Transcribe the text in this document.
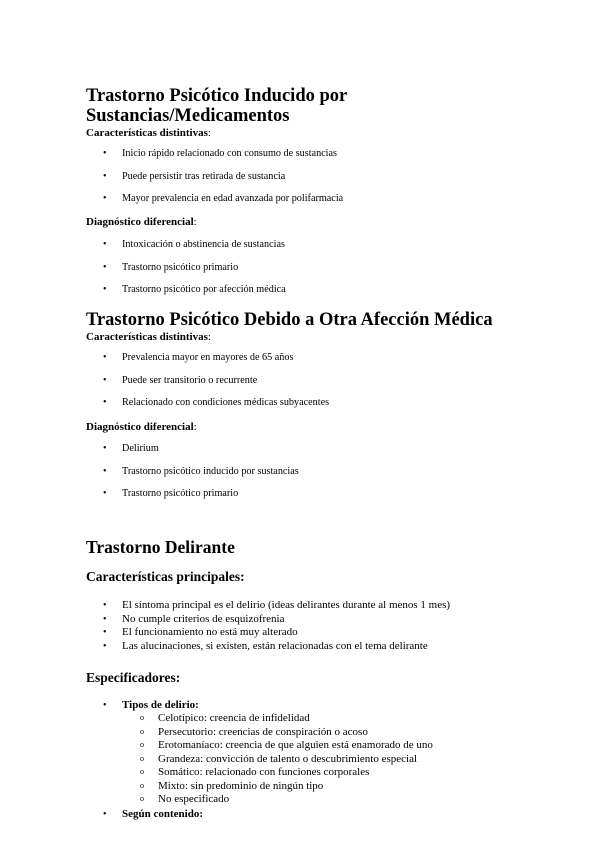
Trastorno Psicótico Inducido por
Sustancias/Medicamentos

Características distintivas:

• Inicio rápido relacionado con consumo de sustancias
• Puede persistir tras retirada de sustancia
• Mayor prevalencia en edad avanzada por polifarmacia

Diagnóstico diferencial:

• Intoxicación o abstinencia de sustancias
• Trastorno psicótico primario
• Trastorno psicótico por afección médica
Trastorno Psicótico Debido a Otra Afección Médica

Características distintivas:

• Prevalencia mayor en mayores de 65 años
• Puede ser transitorio o recurrente
• Relacionado con condiciones médicas subyacentes

Diagnóstico diferencial:

• Delirium
• Trastorno psicótico inducido por sustancias
• Trastorno psicótico primario
Trastorno Delirante

Características principales:

• El síntoma principal es el delirio (ideas delirantes durante al menos 1 mes)
• No cumple criterios de esquizofrenia
• El funcionamiento no está muy alterado
• Las alucinaciones, si existen, están relacionadas con el tema delirante

Especificadores:

• Tipos de delirio:
o Celotípico: creencia de infidelidad
o Persecutorio: creencias de conspiración o acoso
o Erotomaníaco: creencia de que alguien está enamorado de uno
o Grandeza: convicción de talento o descubrimiento especial
o Somático: relacionado con funciones corporales
o Mixto: sin predominio de ningún tipo
o No especificado
• Según contenido:
